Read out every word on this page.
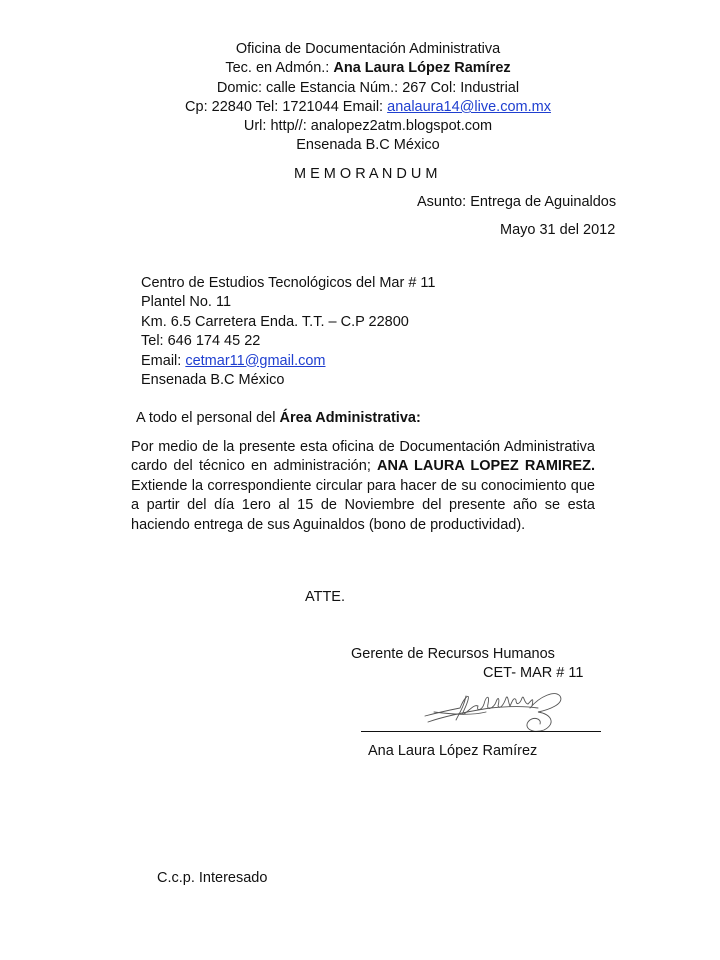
Oficina de Documentación Administrativa
Tec. en Admón.: Ana Laura López Ramírez
Domic: calle Estancia Núm.: 267 Col: Industrial
Cp: 22840 Tel: 1721044 Email: analaura14@live.com.mx
Url: http//: analopez2atm.blogspot.com
Ensenada B.C México
M E M O R A N D U M
Asunto: Entrega de Aguinaldos
Mayo 31 del 2012
Centro de Estudios Tecnológicos del Mar # 11
Plantel No. 11
Km. 6.5 Carretera Enda. T.T. – C.P 22800
Tel: 646 174 45 22
Email: cetmar11@gmail.com
Ensenada B.C México
A todo el personal del Área Administrativa:
Por medio de la presente esta oficina de Documentación Administrativa cardo del técnico en administración; ANA LAURA LOPEZ RAMIREZ. Extiende la correspondiente circular para hacer de su conocimiento que a partir del día 1ero al 15 de Noviembre del presente año se esta haciendo entrega de sus Aguinaldos (bono de productividad).
ATTE.
Gerente de Recursos Humanos
CET- MAR # 11
Ana Laura López Ramírez
C.c.p. Interesado
